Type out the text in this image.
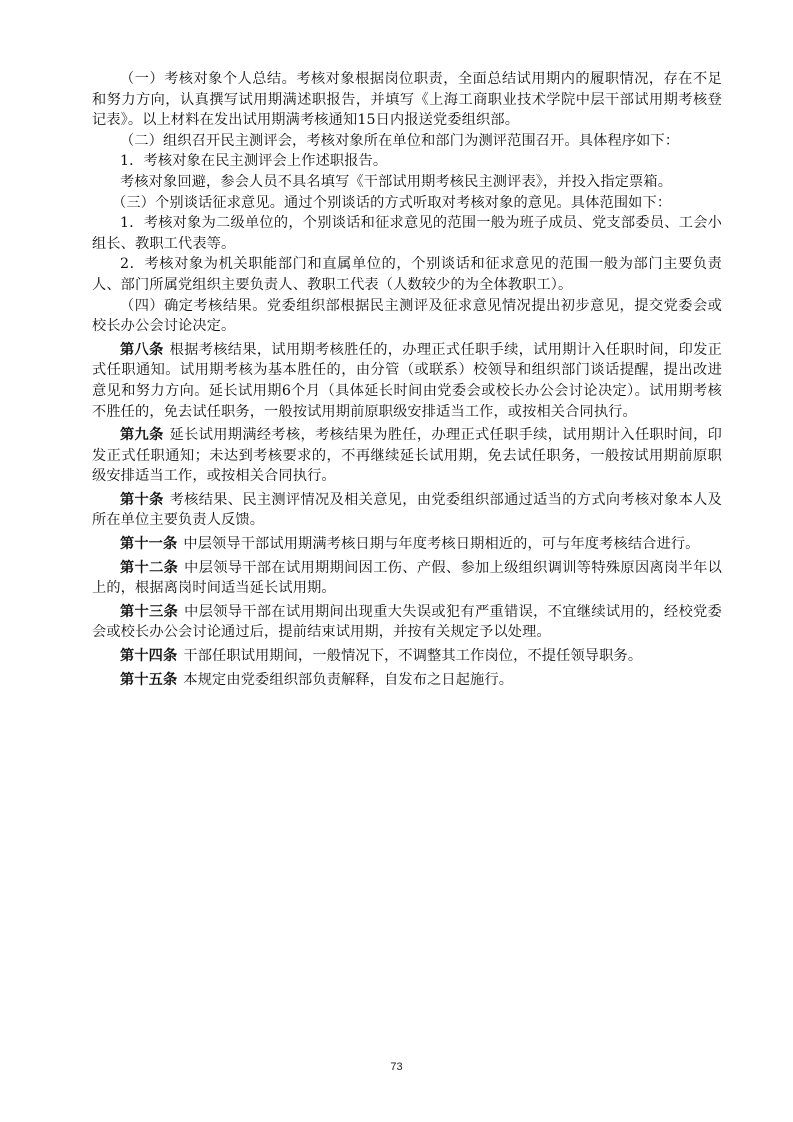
（一）考核对象个人总结。考核对象根据岗位职责，全面总结试用期内的履职情况，存在不足和努力方向，认真撰写试用期满述职报告，并填写《上海工商职业技术学院中层干部试用期考核登记表》。以上材料在发出试用期满考核通知15日内报送党委组织部。

（二）组织召开民主测评会，考核对象所在单位和部门为测评范围召开。具体程序如下：

1．考核对象在民主测评会上作述职报告。

考核对象回避，参会人员不具名填写《干部试用期考核民主测评表》，并投入指定票箱。

（三）个别谈话征求意见。通过个别谈话的方式听取对考核对象的意见。具体范围如下：

1．考核对象为二级单位的，个别谈话和征求意见的范围一般为班子成员、党支部委员、工会小组长、教职工代表等。

2．考核对象为机关职能部门和直属单位的，个别谈话和征求意见的范围一般为部门主要负责人、部门所属党组织主要负责人、教职工代表（人数较少的为全体教职工）。

（四）确定考核结果。党委组织部根据民主测评及征求意见情况提出初步意见，提交党委会或校长办公会讨论决定。

第八条 根据考核结果，试用期考核胜任的，办理正式任职手续，试用期计入任职时间，印发正式任职通知。试用期考核为基本胜任的，由分管（或联系）校领导和组织部门谈话提醒，提出改进意见和努力方向。延长试用期6个月（具体延长时间由党委会或校长办公会讨论决定）。试用期考核不胜任的，免去试任职务，一般按试用期前原职级安排适当工作，或按相关合同执行。

第九条 延长试用期满经考核，考核结果为胜任，办理正式任职手续，试用期计入任职时间，印发正式任职通知；未达到考核要求的，不再继续延长试用期，免去试任职务，一般按试用期前原职级安排适当工作，或按相关合同执行。

第十条 考核结果、民主测评情况及相关意见，由党委组织部通过适当的方式向考核对象本人及所在单位主要负责人反馈。

第十一条 中层领导干部试用期满考核日期与年度考核日期相近的，可与年度考核结合进行。

第十二条 中层领导干部在试用期期间因工伤、产假、参加上级组织调训等特殊原因离岗半年以上的，根据离岗时间适当延长试用期。

第十三条 中层领导干部在试用期间出现重大失误或犯有严重错误，不宜继续试用的，经校党委会或校长办公会讨论通过后，提前结束试用期，并按有关规定予以处理。

第十四条 干部任职试用期间，一般情况下，不调整其工作岗位，不提任领导职务。

第十五条 本规定由党委组织部负责解释，自发布之日起施行。

73
